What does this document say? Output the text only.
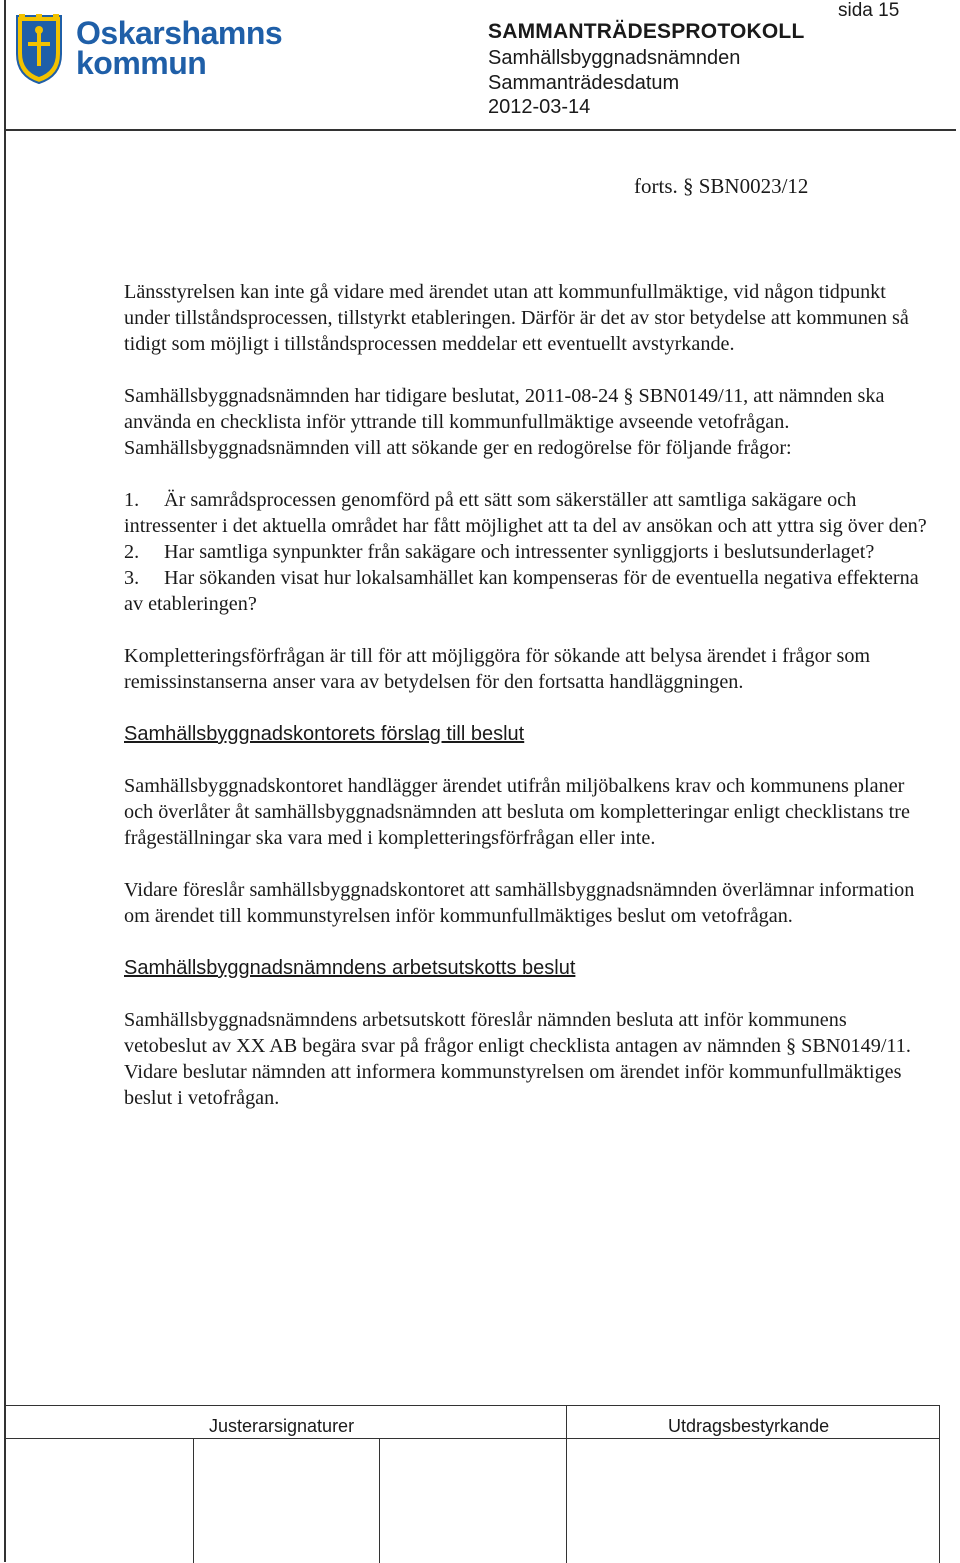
Oskarshamns
kommun
sida 15
SAMMANTRÄDESPROTOKOLL
Samhällsbyggnadsnämnden
Sammanträdesdatum
2012-03-14
forts. § SBN0023/12

Länsstyrelsen kan inte gå vidare med ärendet utan att kommunfullmäktige, vid någon tidpunkt under tillståndsprocessen, tillstyrkt etableringen. Därför är det av stor betydelse att kommunen så tidigt som möjligt i tillståndsprocessen meddelar ett eventuellt avstyrkande.

Samhällsbyggnadsnämnden har tidigare beslutat, 2011-08-24 § SBN0149/11, att nämnden ska använda en checklista inför yttrande till kommunfullmäktige avseende vetofrågan.

Samhällsbyggnadsnämnden vill att sökande ger en redogörelse för följande frågor:

1. Är samrådsprocessen genomförd på ett sätt som säkerställer att samtliga sakägare och intressenter i det aktuella området har fått möjlighet att ta del av ansökan och att yttra sig över den?

2. Har samtliga synpunkter från sakägare och intressenter synliggjorts i beslutsunderlaget?

3. Har sökanden visat hur lokalsamhället kan kompenseras för de eventuella negativa effekterna av etableringen?

Kompletteringsförfrågan är till för att möjliggöra för sökande att belysa ärendet i frågor som remissinstanserna anser vara av betydelsen för den fortsatta handläggningen.

Samhällsbyggnadskontorets förslag till beslut

Samhällsbyggnadskontoret handlägger ärendet utifrån miljöbalkens krav och kommunens planer och överlåter åt samhällsbyggnadsnämnden att besluta om kompletteringar enligt checklistans tre frågeställningar ska vara med i kompletteringsförfrågan eller inte.

Vidare föreslår samhällsbyggnadskontoret att samhällsbyggnadsnämnden överlämnar information om ärendet till kommunstyrelsen inför kommunfullmäktiges beslut om vetofrågan.

Samhällsbyggnadsnämndens arbetsutskotts beslut

Samhällsbyggnadsnämndens arbetsutskott föreslår nämnden besluta att inför kommunens vetobeslut av XX AB begära svar på frågor enligt checklista antagen av nämnden § SBN0149/11. Vidare beslutar nämnden att informera kommunstyrelsen om ärendet inför kommunfullmäktiges beslut i vetofrågan.

Justerarsignaturer	Utdragsbestyrkande
